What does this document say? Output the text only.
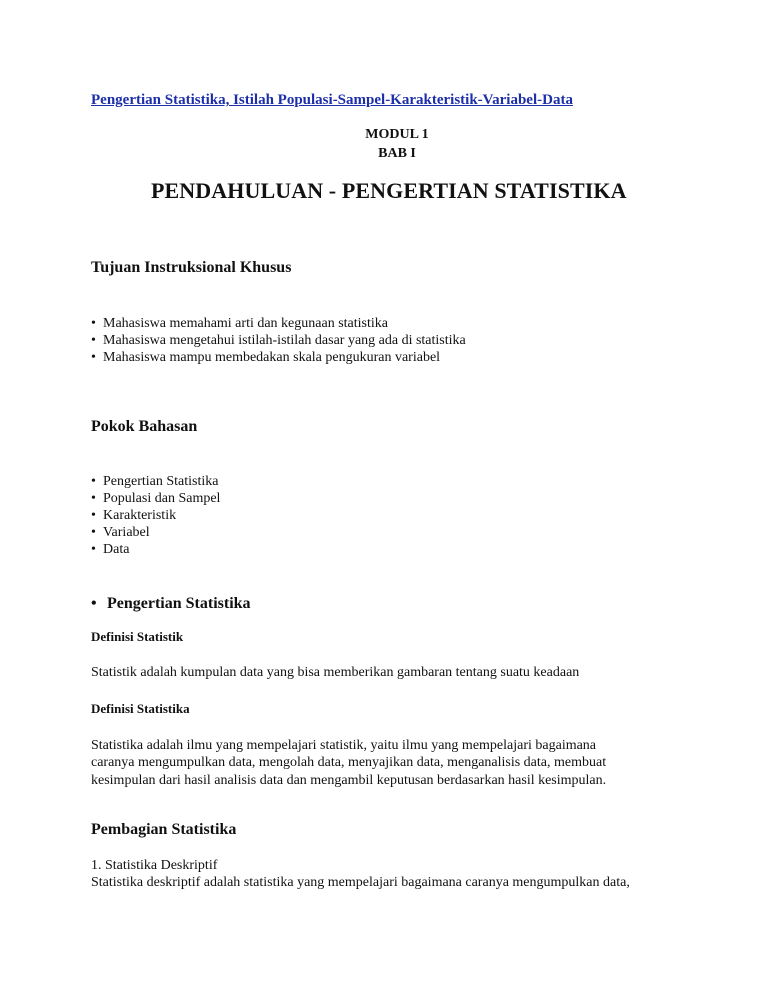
Pengertian Statistika, Istilah Populasi-Sampel-Karakteristik-Variabel-Data
MODUL 1
BAB I
PENDAHULUAN - PENGERTIAN STATISTIKA
Tujuan Instruksional Khusus
• Mahasiswa memahami arti dan kegunaan statistika
• Mahasiswa mengetahui istilah-istilah dasar yang ada di statistika
• Mahasiswa mampu membedakan skala pengukuran variabel
Pokok Bahasan
• Pengertian Statistika
• Populasi dan Sampel
• Karakteristik
• Variabel
• Data
• Pengertian Statistika
Definisi Statistik
Statistik adalah kumpulan data yang bisa memberikan gambaran tentang suatu keadaan
Definisi Statistika
Statistika adalah ilmu yang mempelajari statistik, yaitu ilmu yang mempelajari bagaimana
caranya mengumpulkan data, mengolah data, menyajikan data, menganalisis data, membuat
kesimpulan dari hasil analisis data dan mengambil keputusan berdasarkan hasil kesimpulan.
Pembagian Statistika
1. Statistika Deskriptif
Statistika deskriptif adalah statistika yang mempelajari bagaimana caranya mengumpulkan data,
